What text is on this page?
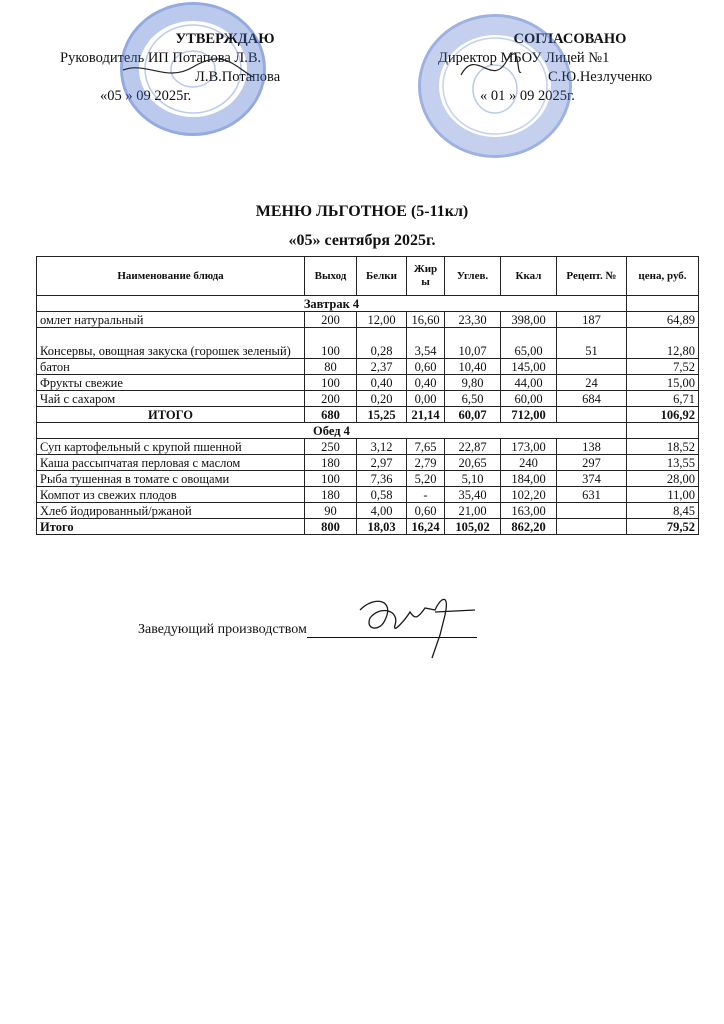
УТВЕРЖДАЮ
Руководитель ИП Потапова Л.В.
Л.В.Потапова
«05 » 09 2025г.
СОГЛАСОВАНО
Директор МБОУ Лицей №1
С.Ю.Незлученко
« 01 » 09 2025г.
МЕНЮ ЛЬГОТНОЕ (5-11кл)
«05» сентября 2025г.
Наименование блюда	Выход	Белки	Жир ы	Углев.	Ккал	Рецепт. №	цена, руб.
Завтрак 4							
омлет натуральный	200	12,00	16,60	23,30	398,00	187	64,89
Консервы, овощная закуска (горошек зеленый)	100	0,28	3,54	10,07	65,00	51	12,80
батон	80	2,37	0,60	10,40	145,00		7,52
Фрукты свежие	100	0,40	0,40	9,80	44,00	24	15,00
Чай с сахаром	200	0,20	0,00	6,50	60,00	684	6,71
ИТОГО	680	15,25	21,14	60,07	712,00		106,92
Обед 4							
Суп картофельный с крупой пшенной	250	3,12	7,65	22,87	173,00	138	18,52
Каша рассыпчатая перловая с маслом	180	2,97	2,79	20,65	240	297	13,55
Рыба тушенная в томате с овощами	100	7,36	5,20	5,10	184,00	374	28,00
Компот из свежих плодов	180	0,58	-	35,40	102,20	631	11,00
Хлеб йодированный/ржаной	90	4,00	0,60	21,00	163,00		8,45
Итого	800	18,03	16,24	105,02	862,20		79,52
Заведующий производством
